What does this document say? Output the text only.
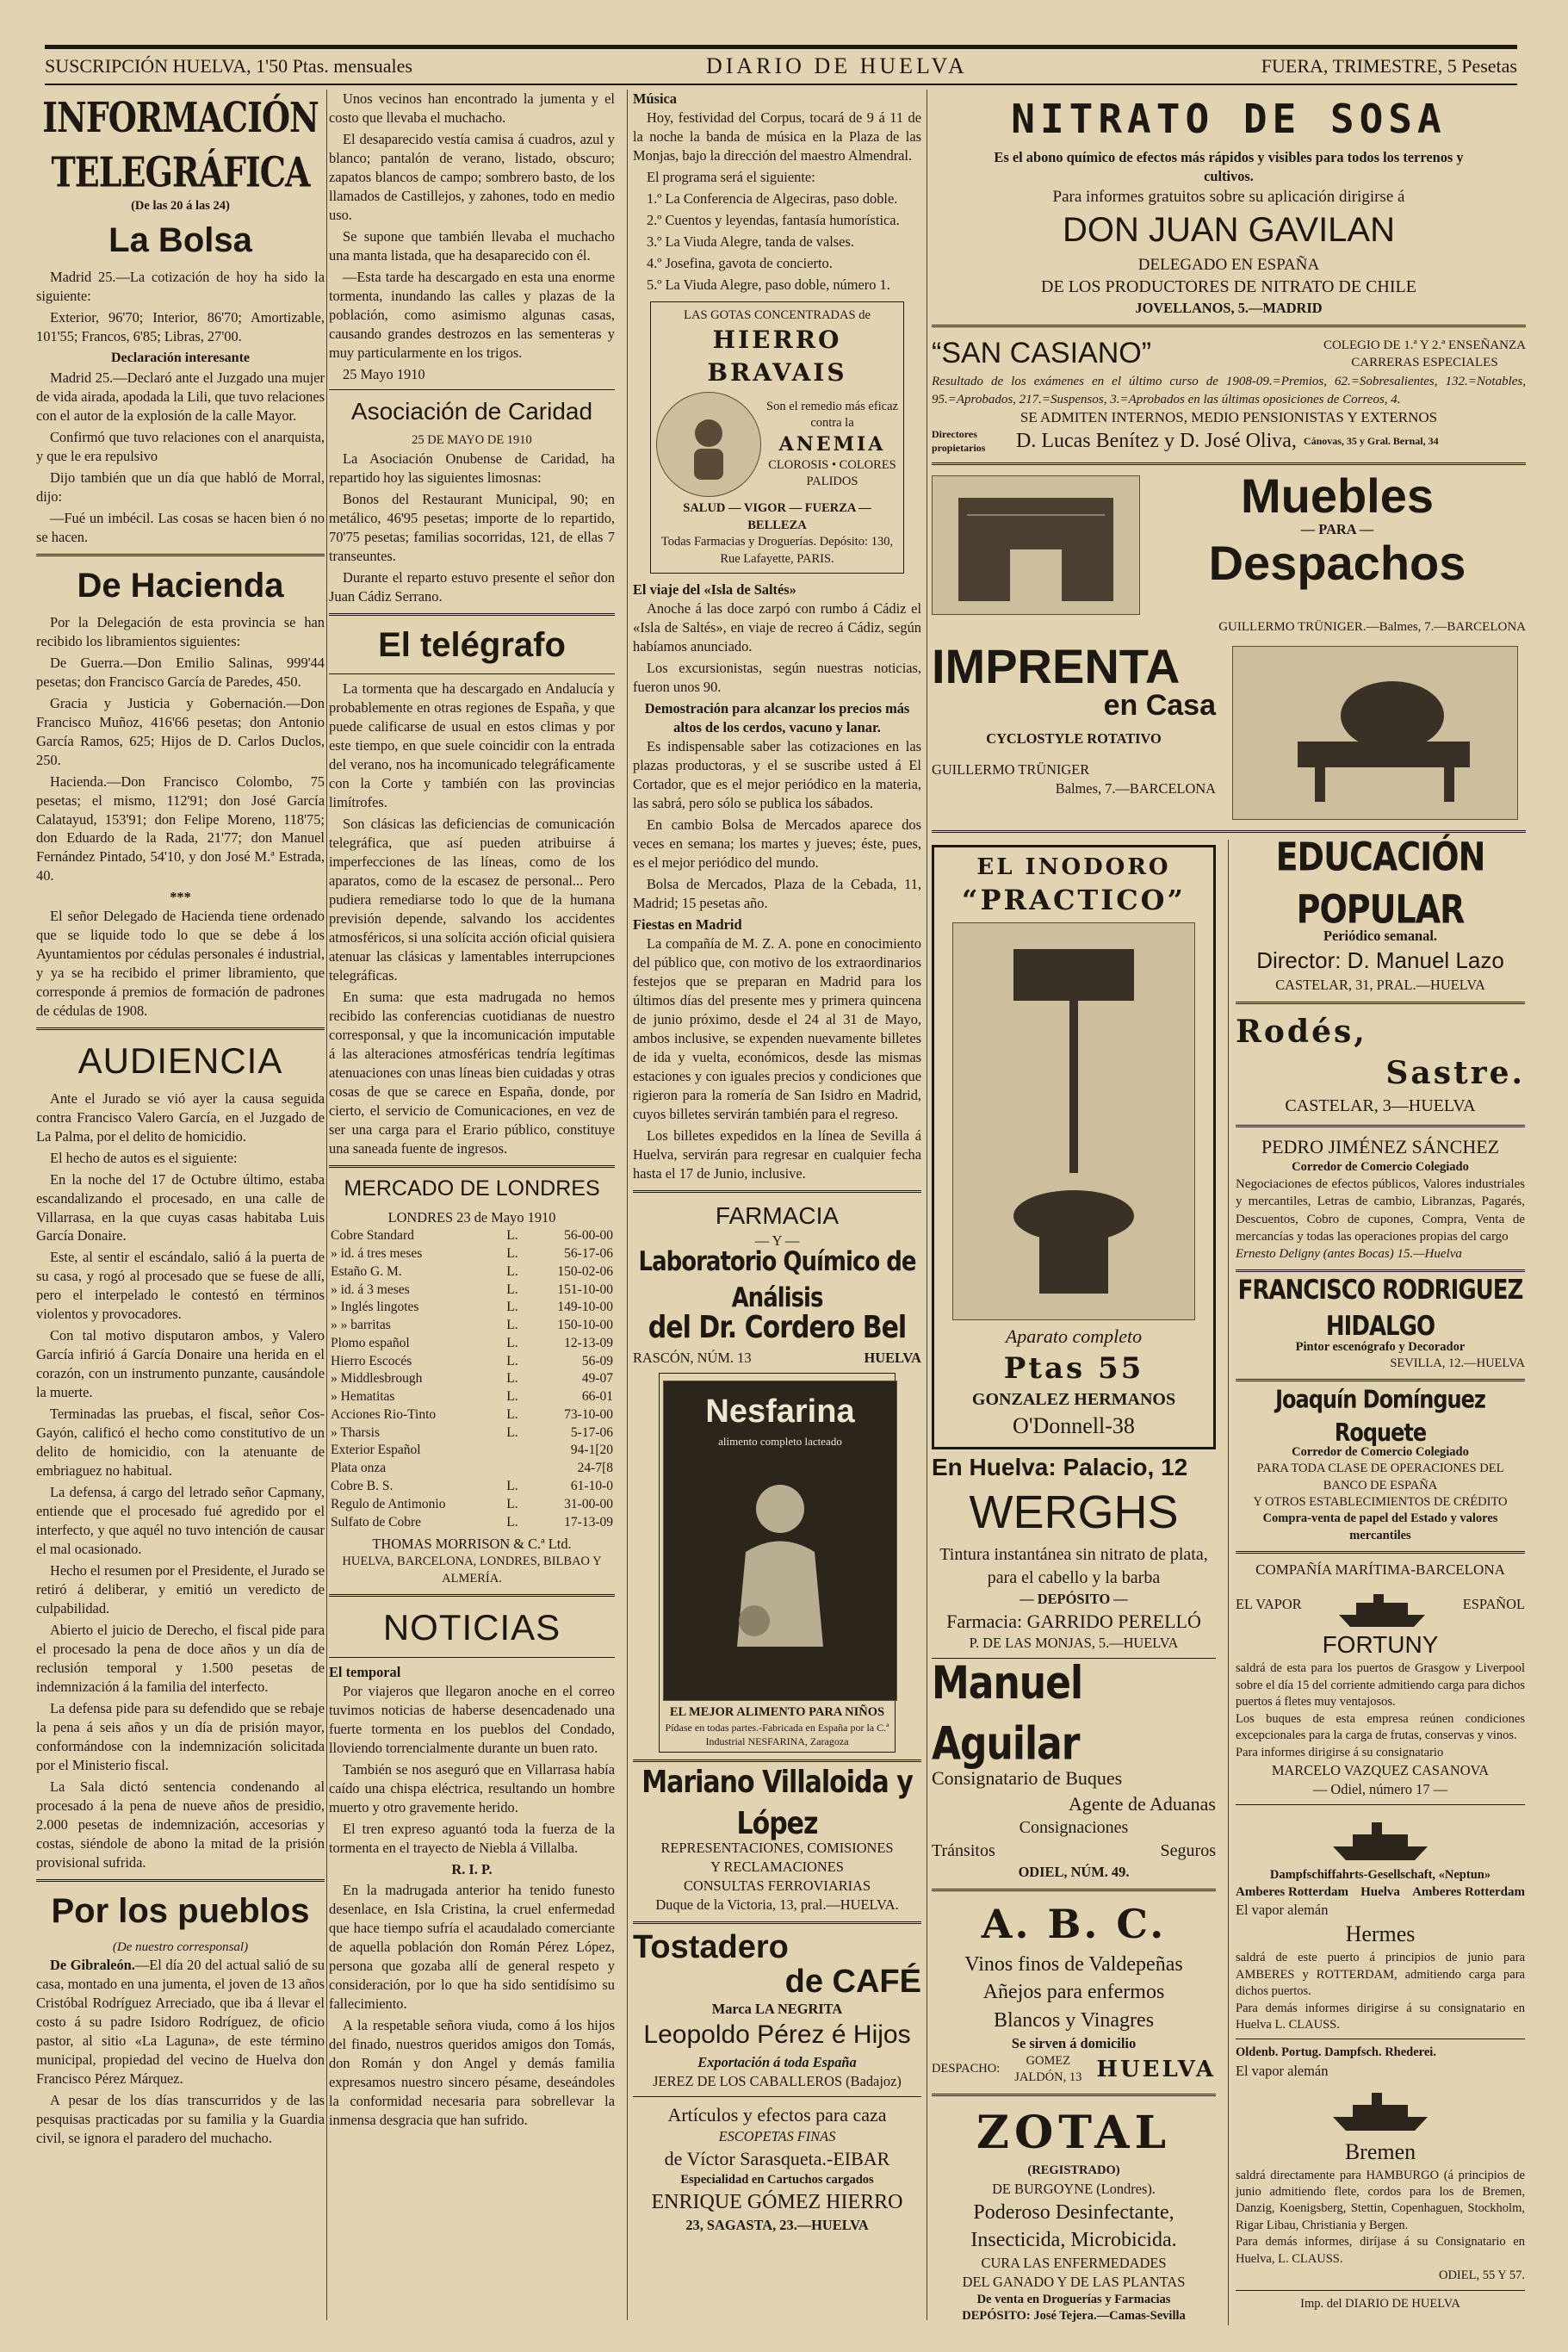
SUSCRIPCIÓN HUELVA, 1'50 Ptas. mensuales	DIARIO DE HUELVA	FUERA, TRIMESTRE, 5 Pesetas
INFORMACIÓN TELEGRÁFICA
(De las 20 á las 24)
La Bolsa

Madrid 25.—La cotización de hoy ha sido la siguiente:

Exterior, 96'70; Interior, 86'70; Amortizable, 101'55; Francos, 6'85; Libras, 27'00.

Declaración interesante

Madrid 25.—Declaró ante el Juzgado una mujer de vida airada, apodada la Lili, que tuvo relaciones con el autor de la explosión de la calle Mayor.

Confirmó que tuvo relaciones con el anarquista, y que le era repulsivo

Dijo también que un día que habló de Morral, dijo:

—Fué un imbécil. Las cosas se hacen bien ó no se hacen.

De Hacienda

Por la Delegación de esta provincia se han recibido los libramientos siguientes:

De Guerra.—Don Emilio Salinas, 999'44 pesetas; don Francisco García de Paredes, 450.

Gracia y Justicia y Gobernación.—Don Francisco Muñoz, 416'66 pesetas; don Antonio García Ramos, 625; Hijos de D. Carlos Duclos, 250.

Hacienda.—Don Francisco Colombo, 75 pesetas; el mismo, 112'91; don José García Calatayud, 153'91; don Felipe Moreno, 118'75; don Eduardo de la Rada, 21'77; don Manuel Fernández Pintado, 54'10, y don José M.ª Estrada, 40.

***

El señor Delegado de Hacienda tiene ordenado que se liquide todo lo que se debe á los Ayuntamientos por cédulas personales é industrial, y ya se ha recibido el primer libramiento, que corresponde á premios de formación de padrones de cédulas de 1908.

AUDIENCIA

Ante el Jurado se vió ayer la causa seguida contra Francisco Valero García, en el Juzgado de La Palma, por el delito de homicidio.

El hecho de autos es el siguiente:

En la noche del 17 de Octubre último, estaba escandalizando el procesado, en una calle de Villarrasa, en la que cuyas casas habitaba Luis García Donaire.

Este, al sentir el escándalo, salió á la puerta de su casa, y rogó al procesado que se fuese de allí, pero el interpelado le contestó en términos violentos y provocadores.

Con tal motivo disputaron ambos, y Valero García infirió á García Donaire una herida en el corazón, con un instrumento punzante, causándole la muerte.

Terminadas las pruebas, el fiscal, señor Cos-Gayón, calificó el hecho como constitutivo de un delito de homicidio, con la atenuante de embriaguez no habitual.

La defensa, á cargo del letrado señor Capmany, entiende que el procesado fué agredido por el interfecto, y que aquél no tuvo intención de causar el mal ocasionado.

Hecho el resumen por el Presidente, el Jurado se retiró á deliberar, y emitió un veredicto de culpabilidad.

Abierto el juicio de Derecho, el fiscal pide para el procesado la pena de doce años y un día de reclusión temporal y 1.500 pesetas de indemnización á la familia del interfecto.

La defensa pide para su defendido que se rebaje la pena á seis años y un día de prisión mayor, conformándose con la indemnización solicitada por el Ministerio fiscal.

La Sala dictó sentencia condenando al procesado á la pena de nueve años de presidio, 2.000 pesetas de indemnización, accesorias y costas, siéndole de abono la mitad de la prisión provisional sufrida.

Por los pueblos
(De nuestro corresponsal)

De Gibraleón.—El día 20 del actual salió de su casa, montado en una jumenta, el joven de 13 años Cristóbal Rodríguez Arreciado, que iba á llevar el costo á su padre Isidoro Rodríguez, de oficio pastor, al sitio «La Laguna», de este término municipal, propiedad del vecino de Huelva don Francisco Pérez Márquez.

A pesar de los días transcurridos y de las pesquisas practicadas por su familia y la Guardia civil, se ignora el paradero del muchacho.

Unos vecinos han encontrado la jumenta y el costo que llevaba el muchacho.

El desaparecido vestía camisa á cuadros, azul y blanco; pantalón de verano, listado, obscuro; zapatos blancos de campo; sombrero basto, de los llamados de Castillejos, y zahones, todo en medio uso.

Se supone que también llevaba el muchacho una manta listada, que ha desaparecido con él.

—Esta tarde ha descargado en esta una enorme tormenta, inundando las calles y plazas de la población, como asimismo algunas casas, causando grandes destrozos en las sementeras y muy particularmente en los trigos.

25 Mayo 1910

Asociación de Caridad
25 DE MAYO DE 1910

La Asociación Onubense de Caridad, ha repartido hoy las siguientes limosnas:

Bonos del Restaurant Municipal, 90; en metálico, 46'95 pesetas; importe de lo repartido, 70'75 pesetas; familias socorridas, 121, de ellas 7 transeuntes.

Durante el reparto estuvo presente el señor don Juan Cádiz Serrano.

El telégrafo

La tormenta que ha descargado en Andalucía y probablemente en otras regiones de España, y que puede calificarse de usual en estos climas y por este tiempo, en que suele coincidir con la entrada del verano, nos ha incomunicado telegráficamente con la Corte y también con las provincias limítrofes.

Son clásicas las deficiencias de comunicación telegráfica, que así pueden atribuirse á imperfecciones de las líneas, como de los aparatos, como de la escasez de personal... Pero pudiera remediarse todo lo que de la humana previsión depende, salvando los accidentes atmosféricos, si una solícita acción oficial quisiera atenuar las clásicas y lamentables interrupciones telegráficas.

En suma: que esta madrugada no hemos recibido las conferencias cuotidianas de nuestro corresponsal, y que la incomunicación imputable á las alteraciones atmosféricas tendría legítimas atenuaciones con unas líneas bien cuidadas y otras cosas de que se carece en España, donde, por cierto, el servicio de Comunicaciones, en vez de ser una carga para el Erario público, constituye una saneada fuente de ingresos.

MERCADO DE LONDRES
LONDRES 23 de Mayo 1910
Cobre Standard	L.	56-00-00
» id. á tres meses	L.	56-17-06
Estaño G. M.	L.	150-02-06
» id. á 3 meses	L.	151-10-00
» Inglés lingotes	L.	149-10-00
» » barritas	L.	150-10-00
Plomo español	L.	12-13-09
Hierro Escocés	L.	56-09
» Middlesbrough	L.	49-07
» Hematitas	L.	66-01
Acciones Rio-Tinto	L.	73-10-00
» Tharsis	L.	5-17-06
Exterior Español		94-1[20
Plata onza		24-7[8
Cobre B. S.	L.	61-10-0
Regulo de Antimonio	L.	31-00-00
Sulfato de Cobre	L.	17-13-09
THOMAS MORRISON & C.ª Ltd.
HUELVA, BARCELONA, LONDRES, BILBAO Y ALMERÍA.
NOTICIAS
El temporal

Por viajeros que llegaron anoche en el correo tuvimos noticias de haberse desencadenado una fuerte tormenta en los pueblos del Condado, lloviendo torrencialmente durante un buen rato.

También se nos aseguró que en Villarrasa había caído una chispa eléctrica, resultando un hombre muerto y otro gravemente herido.

El tren expreso aguantó toda la fuerza de la tormenta en el trayecto de Niebla á Villalba.

R. I. P.

En la madrugada anterior ha tenido funesto desenlace, en Isla Cristina, la cruel enfermedad que hace tiempo sufría el acaudalado comerciante de aquella población don Román Pérez López, persona que gozaba allí de general respeto y consideración, por lo que ha sido sentidísimo su fallecimiento.

A la respetable señora viuda, como á los hijos del finado, nuestros queridos amigos don Tomás, don Román y don Angel y demás familia expresamos nuestro sincero pésame, deseándoles la conformidad necesaria para sobrellevar la inmensa desgracia que han sufrido.

Música

Hoy, festividad del Corpus, tocará de 9 á 11 de la noche la banda de música en la Plaza de las Monjas, bajo la dirección del maestro Almendral.

El programa será el siguiente:

1.º La Conferencia de Algeciras, paso doble.

2.º Cuentos y leyendas, fantasía humorística.

3.º La Viuda Alegre, tanda de valses.

4.º Josefina, gavota de concierto.

5.º La Viuda Alegre, paso doble, número 1.

LAS GOTAS CONCENTRADAS de
HIERRO BRAVAIS
Son el remedio más eficaz contra la
ANEMIA
CLOROSIS • COLORES PALIDOS
SALUD — VIGOR — FUERZA — BELLEZA
Todas Farmacias y Droguerías. Depósito: 130, Rue Lafayette, PARIS.
El viaje del «Isla de Saltés»

Anoche á las doce zarpó con rumbo á Cádiz el «Isla de Saltés», en viaje de recreo á Cádiz, según habíamos anunciado.

Los excursionistas, según nuestras noticias, fueron unos 90.

Demostración para alcanzar los precios más altos de los cerdos, vacuno y lanar.

Es indispensable saber las cotizaciones en las plazas productoras, y el se suscribe usted á El Cortador, que es el mejor periódico en la materia, las sabrá, pero sólo se publica los sábados.

En cambio Bolsa de Mercados aparece dos veces en semana; los martes y jueves; éste, pues, es el mejor periódico del mundo.

Bolsa de Mercados, Plaza de la Cebada, 11, Madrid; 15 pesetas año.

Fiestas en Madrid

La compañía de M. Z. A. pone en conocimiento del público que, con motivo de los extraordinarios festejos que se preparan en Madrid para los últimos días del presente mes y primera quincena de junio próximo, desde el 24 al 31 de Mayo, ambos inclusive, se expenden nuevamente billetes de ida y vuelta, económicos, desde las mismas estaciones y con iguales precios y condiciones que rigieron para la romería de San Isidro en Madrid, cuyos billetes servirán también para el regreso.

Los billetes expedidos en la línea de Sevilla á Huelva, servirán para regresar en cualquier fecha hasta el 17 de Junio, inclusive.

FARMACIA
— Y —
Laboratorio Químico de Análisis del Dr. Cordero Bel
RASCÓN, NÚM. 13	HUELVA
Nesfarina
alimento completo lacteado
EL MEJOR ALIMENTO PARA NIÑOS
Pídase en todas partes.-Fabricada en España por la C.ª Industrial NESFARINA, Zaragoza
Mariano Villaloida y López
REPRESENTACIONES, COMISIONES
Y RECLAMACIONES
CONSULTAS FERROVIARIAS
Duque de la Victoria, 13, pral.—HUELVA.
Tostadero
de CAFÉ
Marca LA NEGRITA
Leopoldo Pérez é Hijos
Exportación á toda España
JEREZ DE LOS CABALLEROS (Badajoz)
Artículos y efectos para caza
ESCOPETAS FINAS
de Víctor Sarasqueta.-EIBAR
Especialidad en Cartuchos cargados
ENRIQUE GÓMEZ HIERRO
23, SAGASTA, 23.—HUELVA
NITRATO DE SOSA
Es el abono químico de efectos más rápidos y visibles para todos los terrenos y cultivos.
Para informes gratuitos sobre su aplicación dirigirse á
DON JUAN GAVILAN
DELEGADO EN ESPAÑA
DE LOS PRODUCTORES DE NITRATO DE CHILE
JOVELLANOS, 5.—MADRID
“SAN CASIANO”	COLEGIO DE 1.ª Y 2.ª ENSEÑANZA
CARRERAS ESPECIALES
Resultado de los exámenes en el último curso de 1908-09.=Premios, 62.=Sobresalientes, 132.=Notables, 95.=Aprobados, 217.=Suspensos, 3.=Aprobados en las últimas oposiciones de Correos, 4.
SE ADMITEN INTERNOS, MEDIO PENSIONISTAS Y EXTERNOS
Directores propietarios	D. Lucas Benítez y D. José Oliva, Cánovas, 35 y Gral. Bernal, 34
Muebles
— PARA —
Despachos
GUILLERMO TRÜNIGER.—Balmes, 7.—BARCELONA
IMPRENTA
en Casa
CYCLOSTYLE ROTATIVO
GUILLERMO TRÜNIGER
Balmes, 7.—BARCELONA
EL INODORO
“PRACTICO”
Aparato completo
Ptas 55
GONZALEZ HERMANOS
O'Donnell-38
En Huelva: Palacio, 12
WERGHS
Tintura instantánea sin nitrato de plata, para el cabello y la barba
— DEPÓSITO —
Farmacia: GARRIDO PERELLÓ
P. DE LAS MONJAS, 5.—HUELVA
Manuel Aguilar
Consignatario de Buques
Agente de Aduanas
Consignaciones
Tránsitos	Seguros
ODIEL, NÚM. 49.
A. B. C.
Vinos finos de Valdepeñas
Añejos para enfermos
Blancos y Vinagres
Se sirven á domicilio
DESPACHO:
GOMEZ JALDÓN, 13 HUELVA
ZOTAL
(REGISTRADO)
DE BURGOYNE (Londres).
Poderoso Desinfectante,
Insecticida, Microbicida.
CURA LAS ENFERMEDADES
DEL GANADO Y DE LAS PLANTAS
De venta en Droguerías y Farmacias
DEPÓSITO: José Tejera.—Camas-Sevilla
EDUCACIÓN POPULAR
Periódico semanal.
Director: D. Manuel Lazo
CASTELAR, 31, PRAL.—HUELVA
Rodés,
Sastre.
CASTELAR, 3—HUELVA
PEDRO JIMÉNEZ SÁNCHEZ
Corredor de Comercio Colegiado
Negociaciones de efectos públicos, Valores industriales y mercantiles, Letras de cambio, Libranzas, Pagarés, Descuentos, Cobro de cupones, Compra, Venta de mercancías y todas las operaciones propias del cargo
Ernesto Deligny (antes Bocas) 15.—Huelva
FRANCISCO RODRIGUEZ HIDALGO
Pintor escenógrafo y Decorador
SEVILLA, 12.—HUELVA
Joaquín Domínguez Roquete
Corredor de Comercio Colegiado
PARA TODA CLASE DE OPERACIONES DEL BANCO DE ESPAÑA
Y OTROS ESTABLECIMIENTOS DE CRÉDITO
Compra-venta de papel del Estado y valores mercantiles
COMPAÑÍA MARÍTIMA-BARCELONA
EL VAPOR	ESPAÑOL
FORTUNY
saldrá de esta para los puertos de Grasgow y Liverpool sobre el día 15 del corriente admitiendo carga para dichos puertos á fletes muy ventajosos.
Los buques de esta empresa reúnen condiciones excepcionales para la carga de frutas, conservas y vinos.
Para informes dirigirse á su consignatario
MARCELO VAZQUEZ CASANOVA
— Odiel, número 17 —
Dampfschiffahrts-Gesellschaft, «Neptun»
Amberes Rotterdam Huelva Amberes Rotterdam
El vapor alemán
Hermes
saldrá de este puerto á principios de junio para AMBERES y ROTTERDAM, admitiendo carga para dichos puertos.
Para demás informes dirigirse á su consignatario en Huelva L. CLAUSS.
Oldenb. Portug. Dampfsch. Rhederei.
El vapor alemán
Bremen
saldrá directamente para HAMBURGO (á principios de junio admitiendo flete, cordos para los de Bremen, Danzig, Koenigsberg, Stettin, Copenhaguen, Stockholm, Rigar Libau, Christiania y Bergen.
Para demás informes, diríjase á su Consignatario en Huelva, L. CLAUSS.
ODIEL, 55 Y 57.
Imp. del DIARIO DE HUELVA
